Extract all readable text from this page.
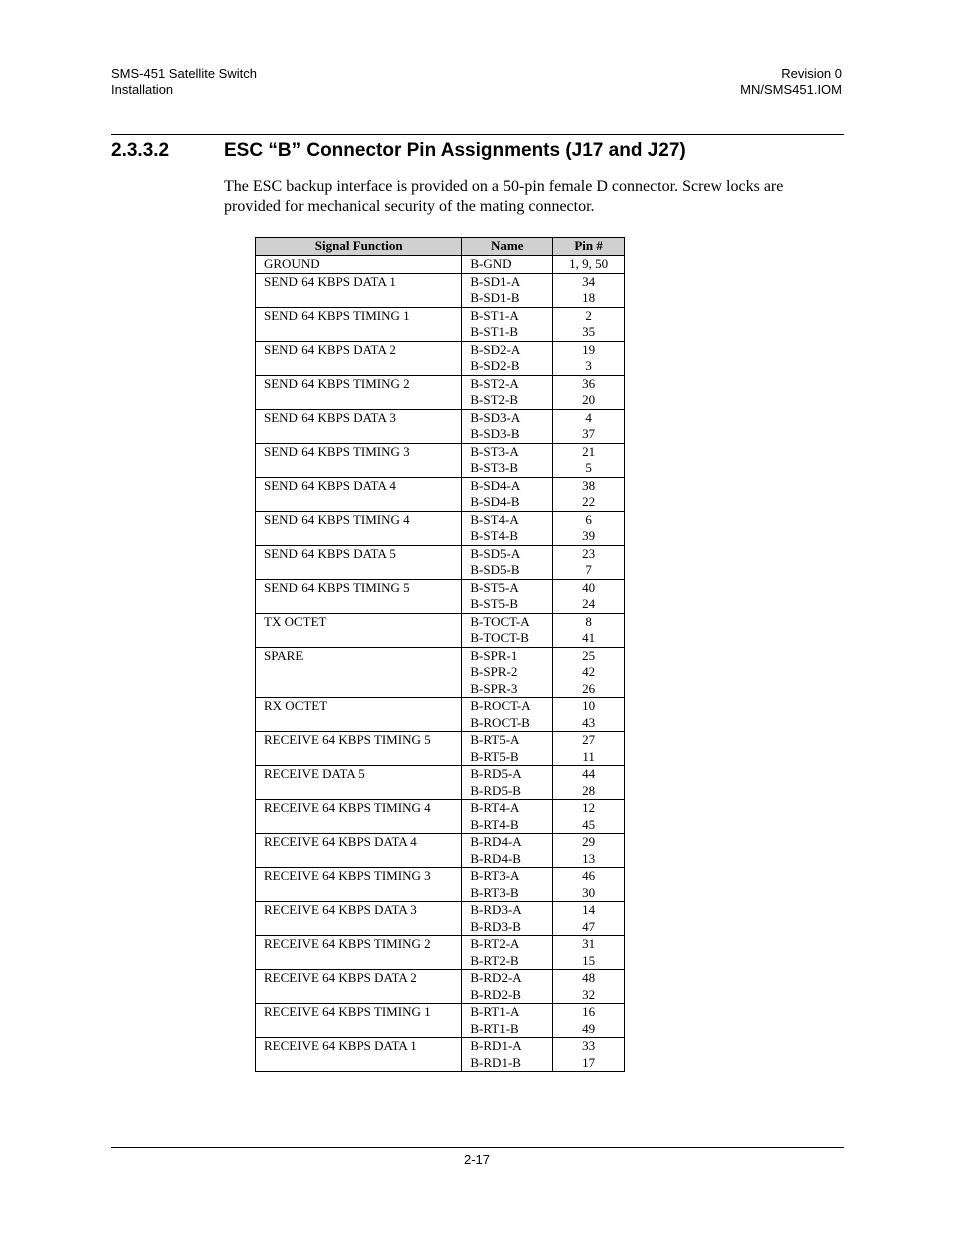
SMS-451 Satellite Switch
Installation
Revision 0
MN/SMS451.IOM
2.3.3.2	ESC “B” Connector Pin Assignments (J17 and J27)
The ESC backup interface is provided on a 50-pin female D connector. Screw locks are provided for mechanical security of the mating connector.
Signal Function	Name	Pin #
GROUND	B-GND	1, 9, 50
SEND 64 KBPS DATA 1	B-SD1-A	34
	B-SD1-B	18
SEND 64 KBPS TIMING 1	B-ST1-A	2
	B-ST1-B	35
SEND 64 KBPS DATA 2	B-SD2-A	19
	B-SD2-B	3
SEND 64 KBPS TIMING 2	B-ST2-A	36
	B-ST2-B	20
SEND 64 KBPS DATA 3	B-SD3-A	4
	B-SD3-B	37
SEND 64 KBPS TIMING 3	B-ST3-A	21
	B-ST3-B	5
SEND 64 KBPS DATA 4	B-SD4-A	38
	B-SD4-B	22
SEND 64 KBPS TIMING 4	B-ST4-A	6
	B-ST4-B	39
SEND 64 KBPS DATA 5	B-SD5-A	23
	B-SD5-B	7
SEND 64 KBPS TIMING 5	B-ST5-A	40
	B-ST5-B	24
TX OCTET	B-TOCT-A	8
	B-TOCT-B	41
SPARE	B-SPR-1	25
	B-SPR-2	42
	B-SPR-3	26
RX OCTET	B-ROCT-A	10
	B-ROCT-B	43
RECEIVE 64 KBPS TIMING 5	B-RT5-A	27
	B-RT5-B	11
RECEIVE DATA 5	B-RD5-A	44
	B-RD5-B	28
RECEIVE 64 KBPS TIMING 4	B-RT4-A	12
	B-RT4-B	45
RECEIVE 64 KBPS DATA 4	B-RD4-A	29
	B-RD4-B	13
RECEIVE 64 KBPS TIMING 3	B-RT3-A	46
	B-RT3-B	30
RECEIVE 64 KBPS DATA 3	B-RD3-A	14
	B-RD3-B	47
RECEIVE 64 KBPS TIMING 2	B-RT2-A	31
	B-RT2-B	15
RECEIVE 64 KBPS DATA 2	B-RD2-A	48
	B-RD2-B	32
RECEIVE 64 KBPS TIMING 1	B-RT1-A	16
	B-RT1-B	49
RECEIVE 64 KBPS DATA 1	B-RD1-A	33
	B-RD1-B	17
2-17
